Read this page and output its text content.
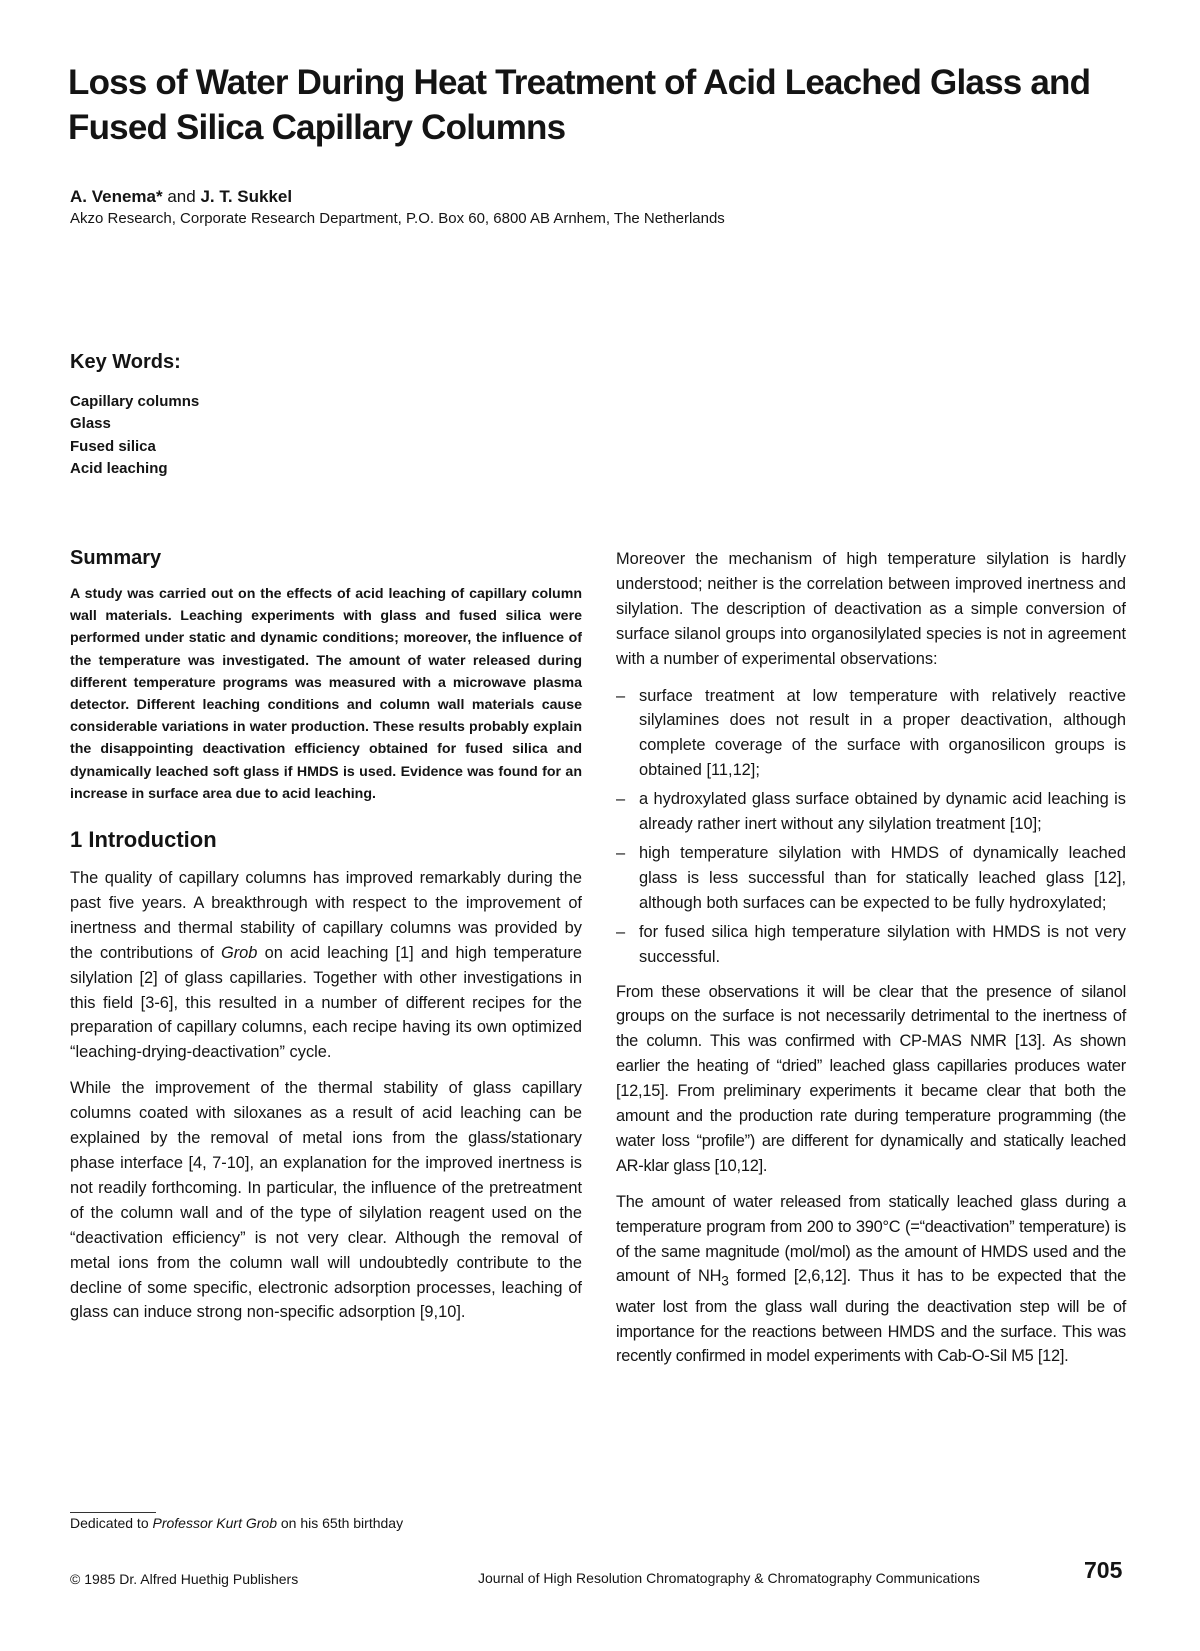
Loss of Water During Heat Treatment of Acid Leached Glass and Fused Silica Capillary Columns
A. Venema* and J. T. Sukkel
Akzo Research, Corporate Research Department, P.O. Box 60, 6800 AB Arnhem, The Netherlands
Key Words:
Capillary columns
Glass
Fused silica
Acid leaching
Summary

A study was carried out on the effects of acid leaching of capillary column wall materials. Leaching experiments with glass and fused silica were performed under static and dynamic conditions; moreover, the influence of the temperature was investigated. The amount of water released during different temperature programs was measured with a microwave plasma detector. Different leaching conditions and column wall materials cause considerable variations in water production. These results probably explain the disappointing deactivation efficiency obtained for fused silica and dynamically leached soft glass if HMDS is used. Evidence was found for an increase in surface area due to acid leaching.

1 Introduction

The quality of capillary columns has improved remarkably during the past five years. A breakthrough with respect to the improvement of inertness and thermal stability of capillary columns was provided by the contributions of Grob on acid leaching [1] and high temperature silylation [2] of glass capillaries. Together with other investigations in this field [3-6], this resulted in a number of different recipes for the preparation of capillary columns, each recipe having its own optimized “leaching-drying-deactivation” cycle.

While the improvement of the thermal stability of glass capillary columns coated with siloxanes as a result of acid leaching can be explained by the removal of metal ions from the glass/stationary phase interface [4, 7-10], an explanation for the improved inertness is not readily forthcoming. In particular, the influence of the pretreatment of the column wall and of the type of silylation reagent used on the “deactivation efficiency” is not very clear. Although the removal of metal ions from the column wall will undoubtedly contribute to the decline of some specific, electronic adsorption processes, leaching of glass can induce strong non-specific adsorption [9,10].

Moreover the mechanism of high temperature silylation is hardly understood; neither is the correlation between improved inertness and silylation. The description of deactivation as a simple conversion of surface silanol groups into organosilylated species is not in agreement with a number of experimental observations:

– surface treatment at low temperature with relatively reactive silylamines does not result in a proper deactivation, although complete coverage of the surface with organosilicon groups is obtained [11,12];
– a hydroxylated glass surface obtained by dynamic acid leaching is already rather inert without any silylation treatment [10];
– high temperature silylation with HMDS of dynamically leached glass is less successful than for statically leached glass [12], although both surfaces can be expected to be fully hydroxylated;
– for fused silica high temperature silylation with HMDS is not very successful.

From these observations it will be clear that the presence of silanol groups on the surface is not necessarily detrimental to the inertness of the column. This was confirmed with CP-MAS NMR [13]. As shown earlier the heating of “dried” leached glass capillaries produces water [12,15]. From preliminary experiments it became clear that both the amount and the production rate during temperature programming (the water loss “profile”) are different for dynamically and statically leached AR-klar glass [10,12].

The amount of water released from statically leached glass during a temperature program from 200 to 390°C (=“deactivation” temperature) is of the same magnitude (mol/mol) as the amount of HMDS used and the amount of $NH_3$ formed [2,6,12]. Thus it has to be expected that the water lost from the glass wall during the deactivation step will be of importance for the reactions between HMDS and the surface. This was recently confirmed in model experiments with Cab-O-Sil M5 [12].

Dedicated to Professor Kurt Grob on his 65th birthday
© 1985 Dr. Alfred Huethig Publishers	Journal of High Resolution Chromatography & Chromatography Communications	705
